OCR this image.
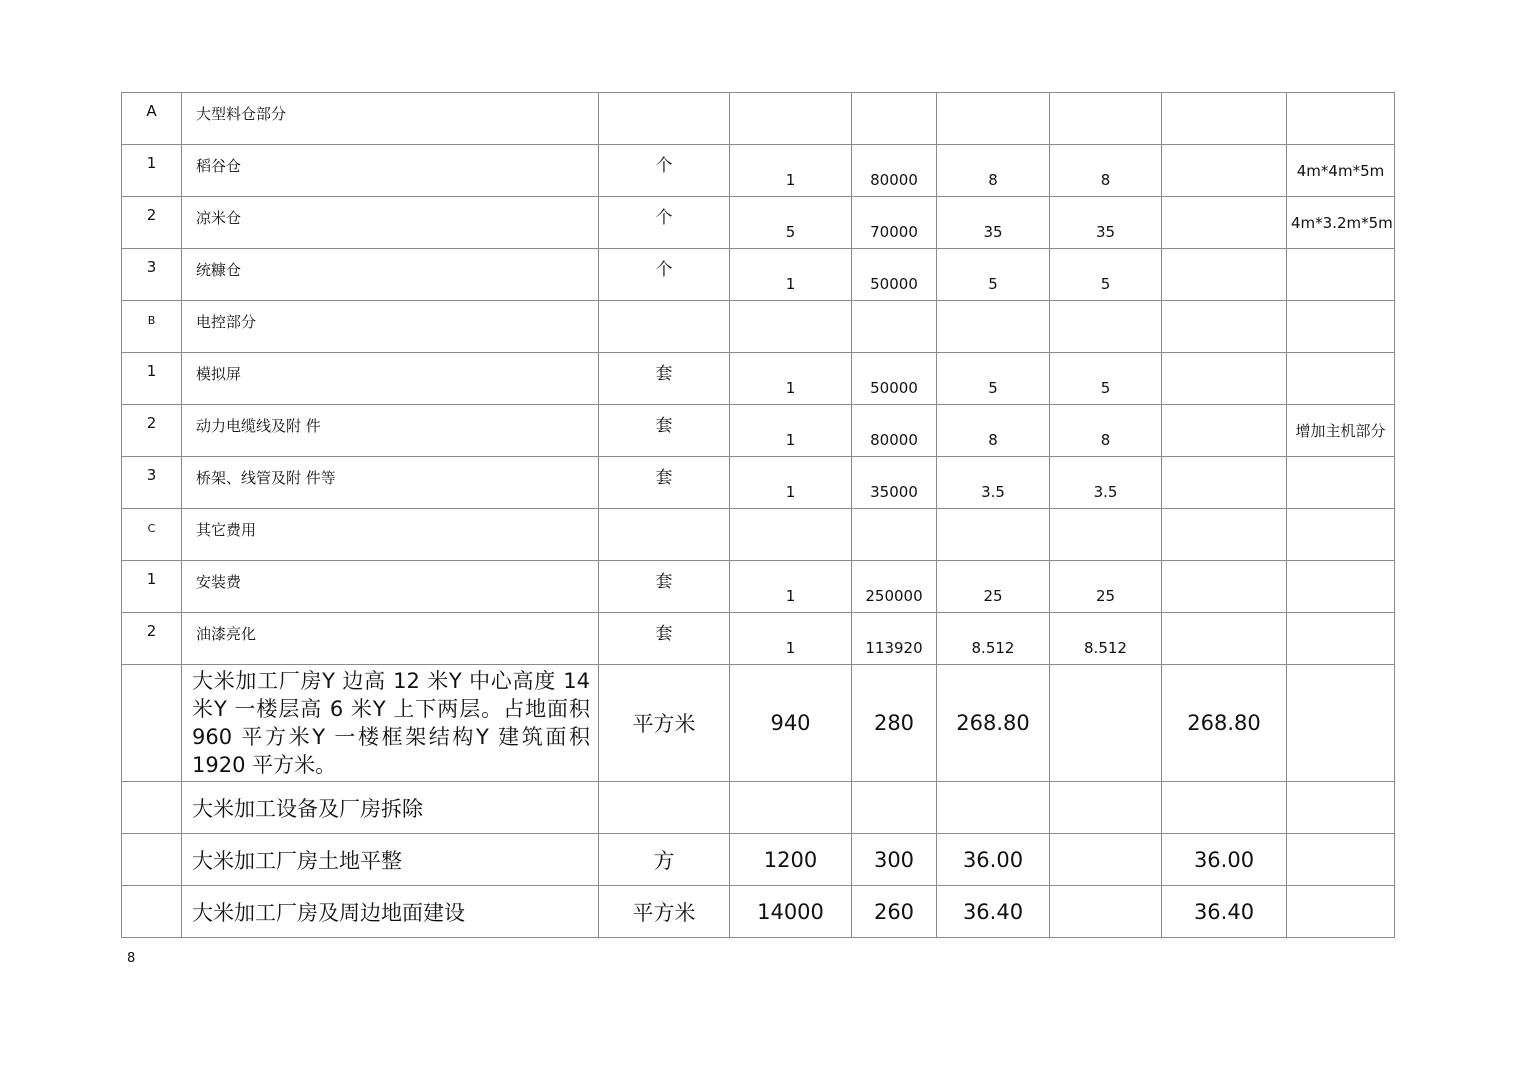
A	大型料仓部分							
1	稻谷仓	个	1	80000	8	8		4m*4m*5m
2	凉米仓	个	5	70000	35	35		4m*3.2m*5m
3	统糠仓	个	1	50000	5	5		
B	电控部分							
1	模拟屏	套	1	50000	5	5		
2	动力电缆线及附 件	套	1	80000	8	8		增加主机部分
3	桥架、线管及附 件等	套	1	35000	3.5	3.5		
C	其它费用							
1	安装费	套	1	250000	25	25		
2	油漆亮化	套	1	113920	8.512	8.512		
	大米加工厂房Y 边高 12 米Y 中心高度 14 米Y 一楼层高 6 米Y 上下两层。占地面积 960 平方米Y 一楼框架结构Y 建筑面积 1920 平方米。	平方米	940	280	268.80		268.80	
	大米加工设备及厂房拆除							
	大米加工厂房土地平整	方	1200	300	36.00		36.00	
	大米加工厂房及周边地面建设	平方米	14000	260	36.40		36.40	
8
